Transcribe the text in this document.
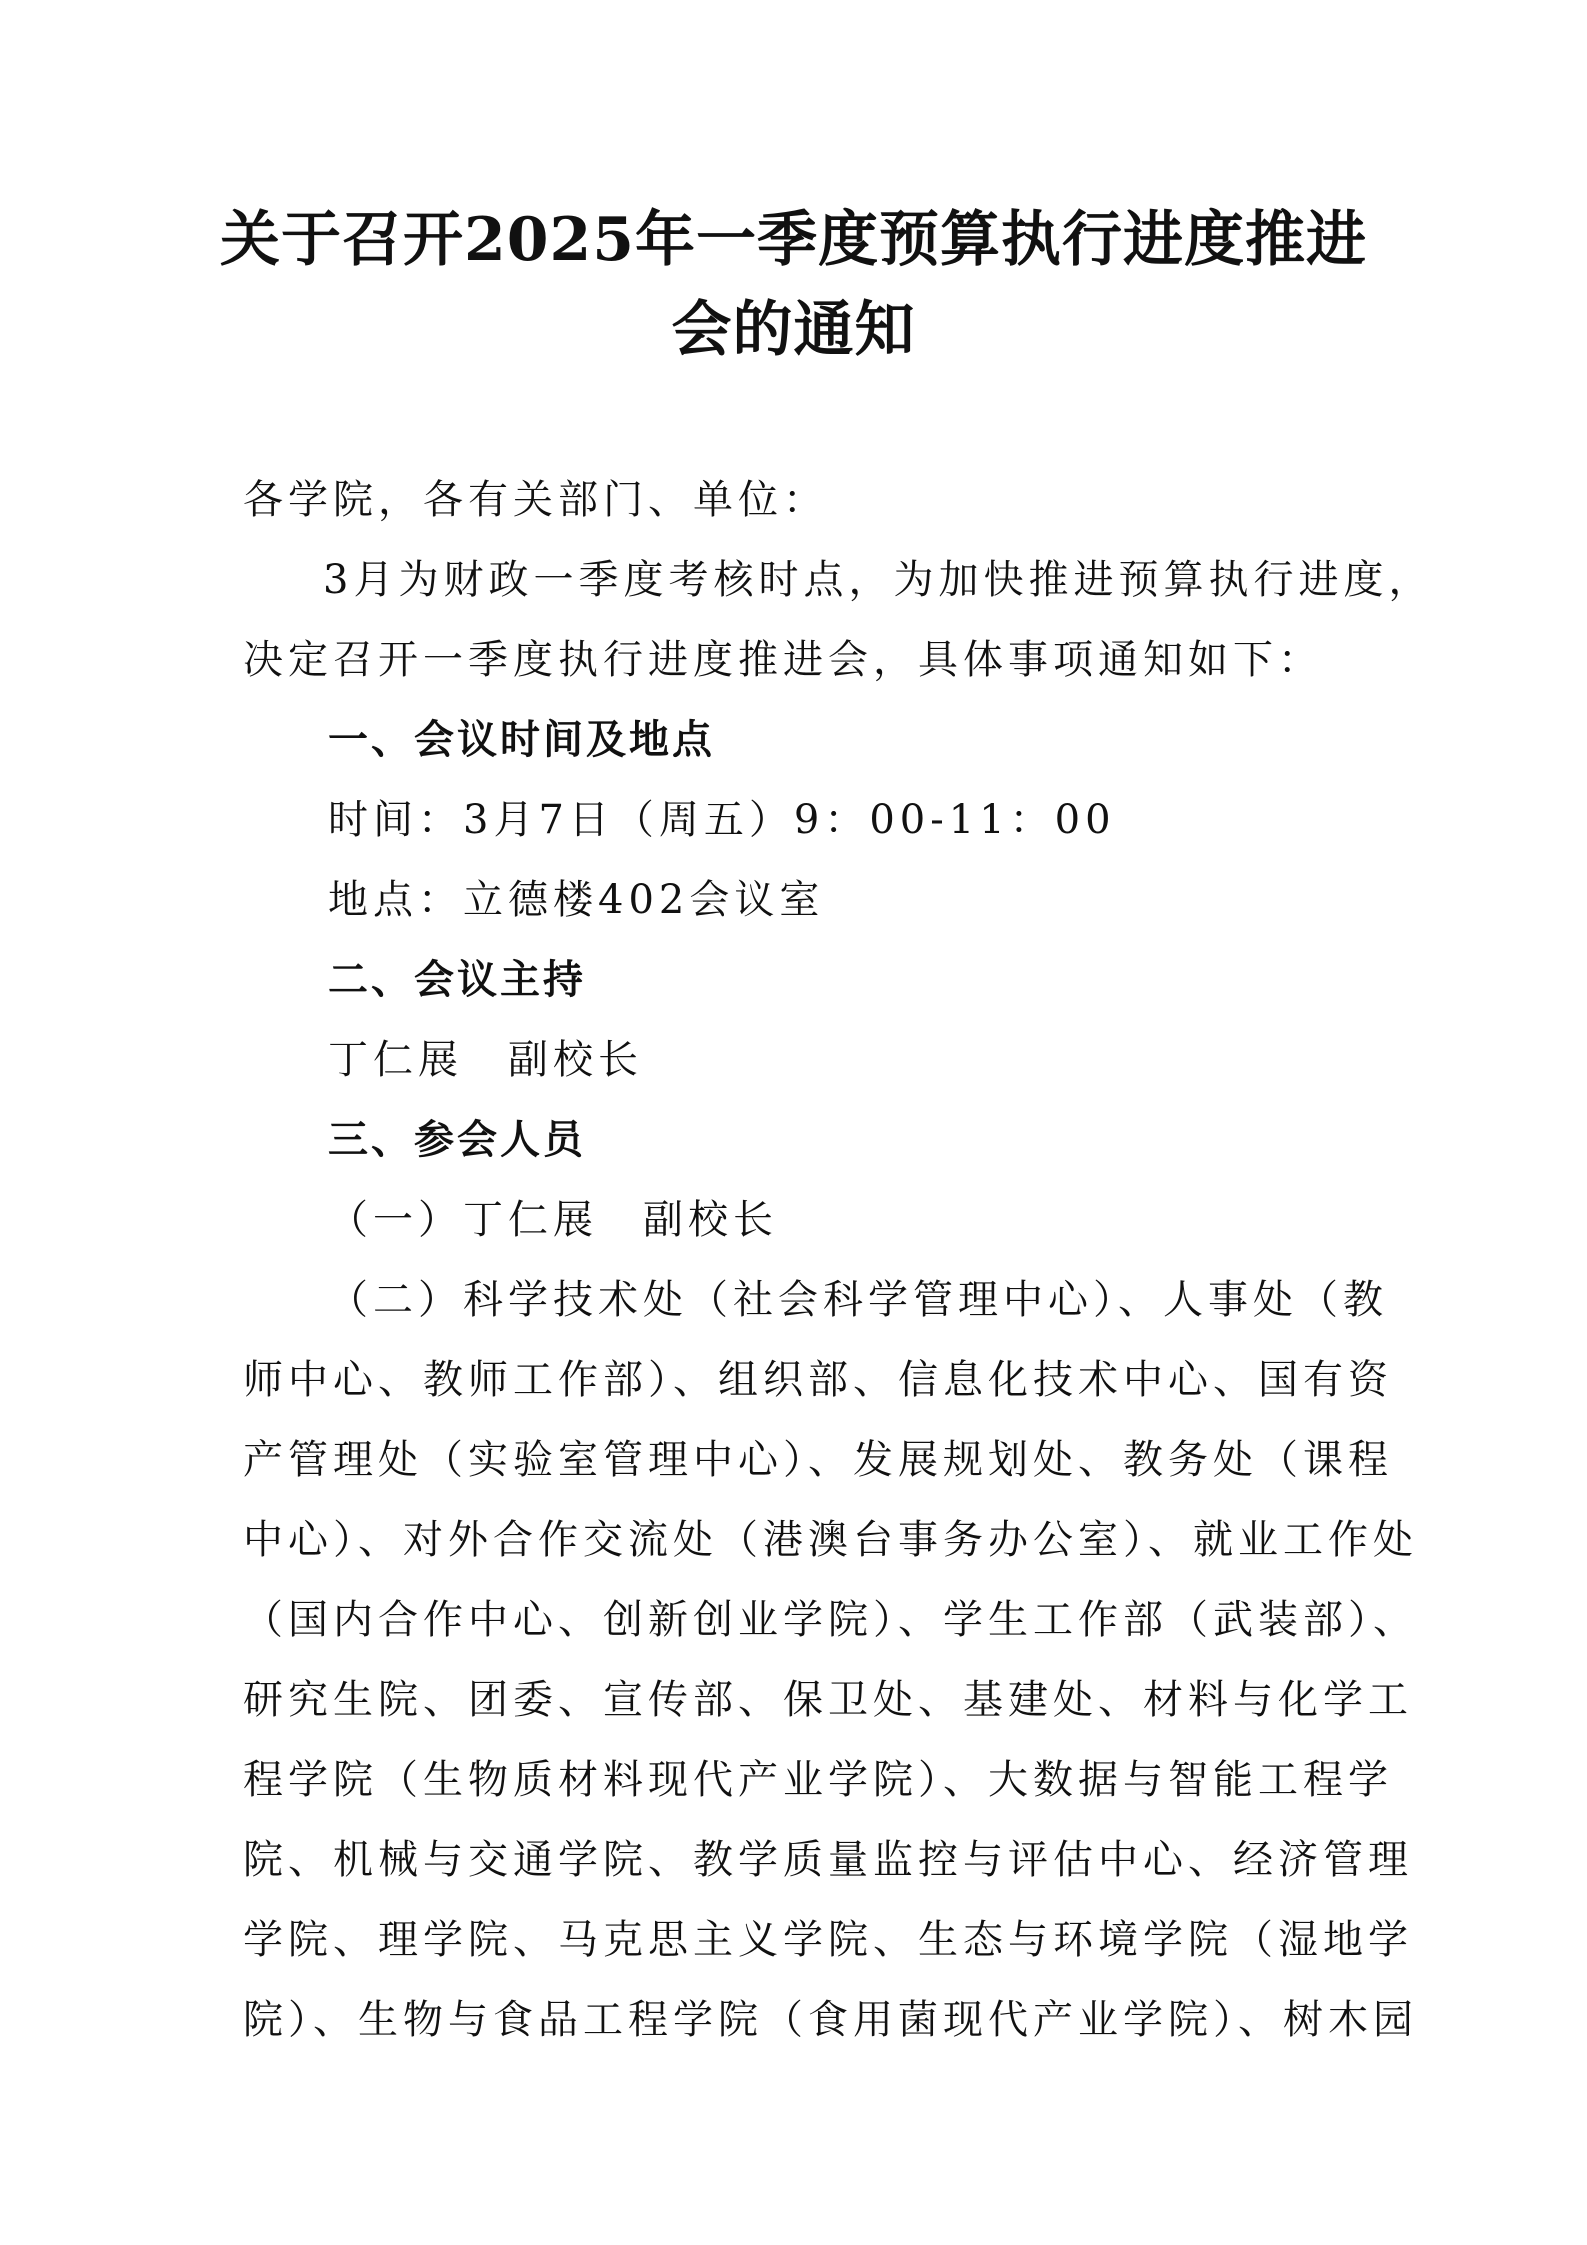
关于召开2025年一季度预算执行进度推进
会的通知
各学院，各有关部门、单位：
3月为财政一季度考核时点，为加快推进预算执行进度，
决定召开一季度执行进度推进会，具体事项通知如下：
一、会议时间及地点
时间：3月7日（周五）9：00-11：00
地点：立德楼402会议室
二、会议主持
丁仁展　副校长
三、参会人员
（一）丁仁展　副校长
（二）科学技术处（社会科学管理中心）、人事处（教
师中心、教师工作部）、组织部、信息化技术中心、国有资
产管理处（实验室管理中心）、发展规划处、教务处（课程
中心）、对外合作交流处（港澳台事务办公室）、就业工作处
（国内合作中心、创新创业学院）、学生工作部（武装部）、
研究生院、团委、宣传部、保卫处、基建处、材料与化学工
程学院（生物质材料现代产业学院）、大数据与智能工程学
院、机械与交通学院、教学质量监控与评估中心、经济管理
学院、理学院、马克思主义学院、生态与环境学院（湿地学
院）、生物与食品工程学院（食用菌现代产业学院）、树木园
